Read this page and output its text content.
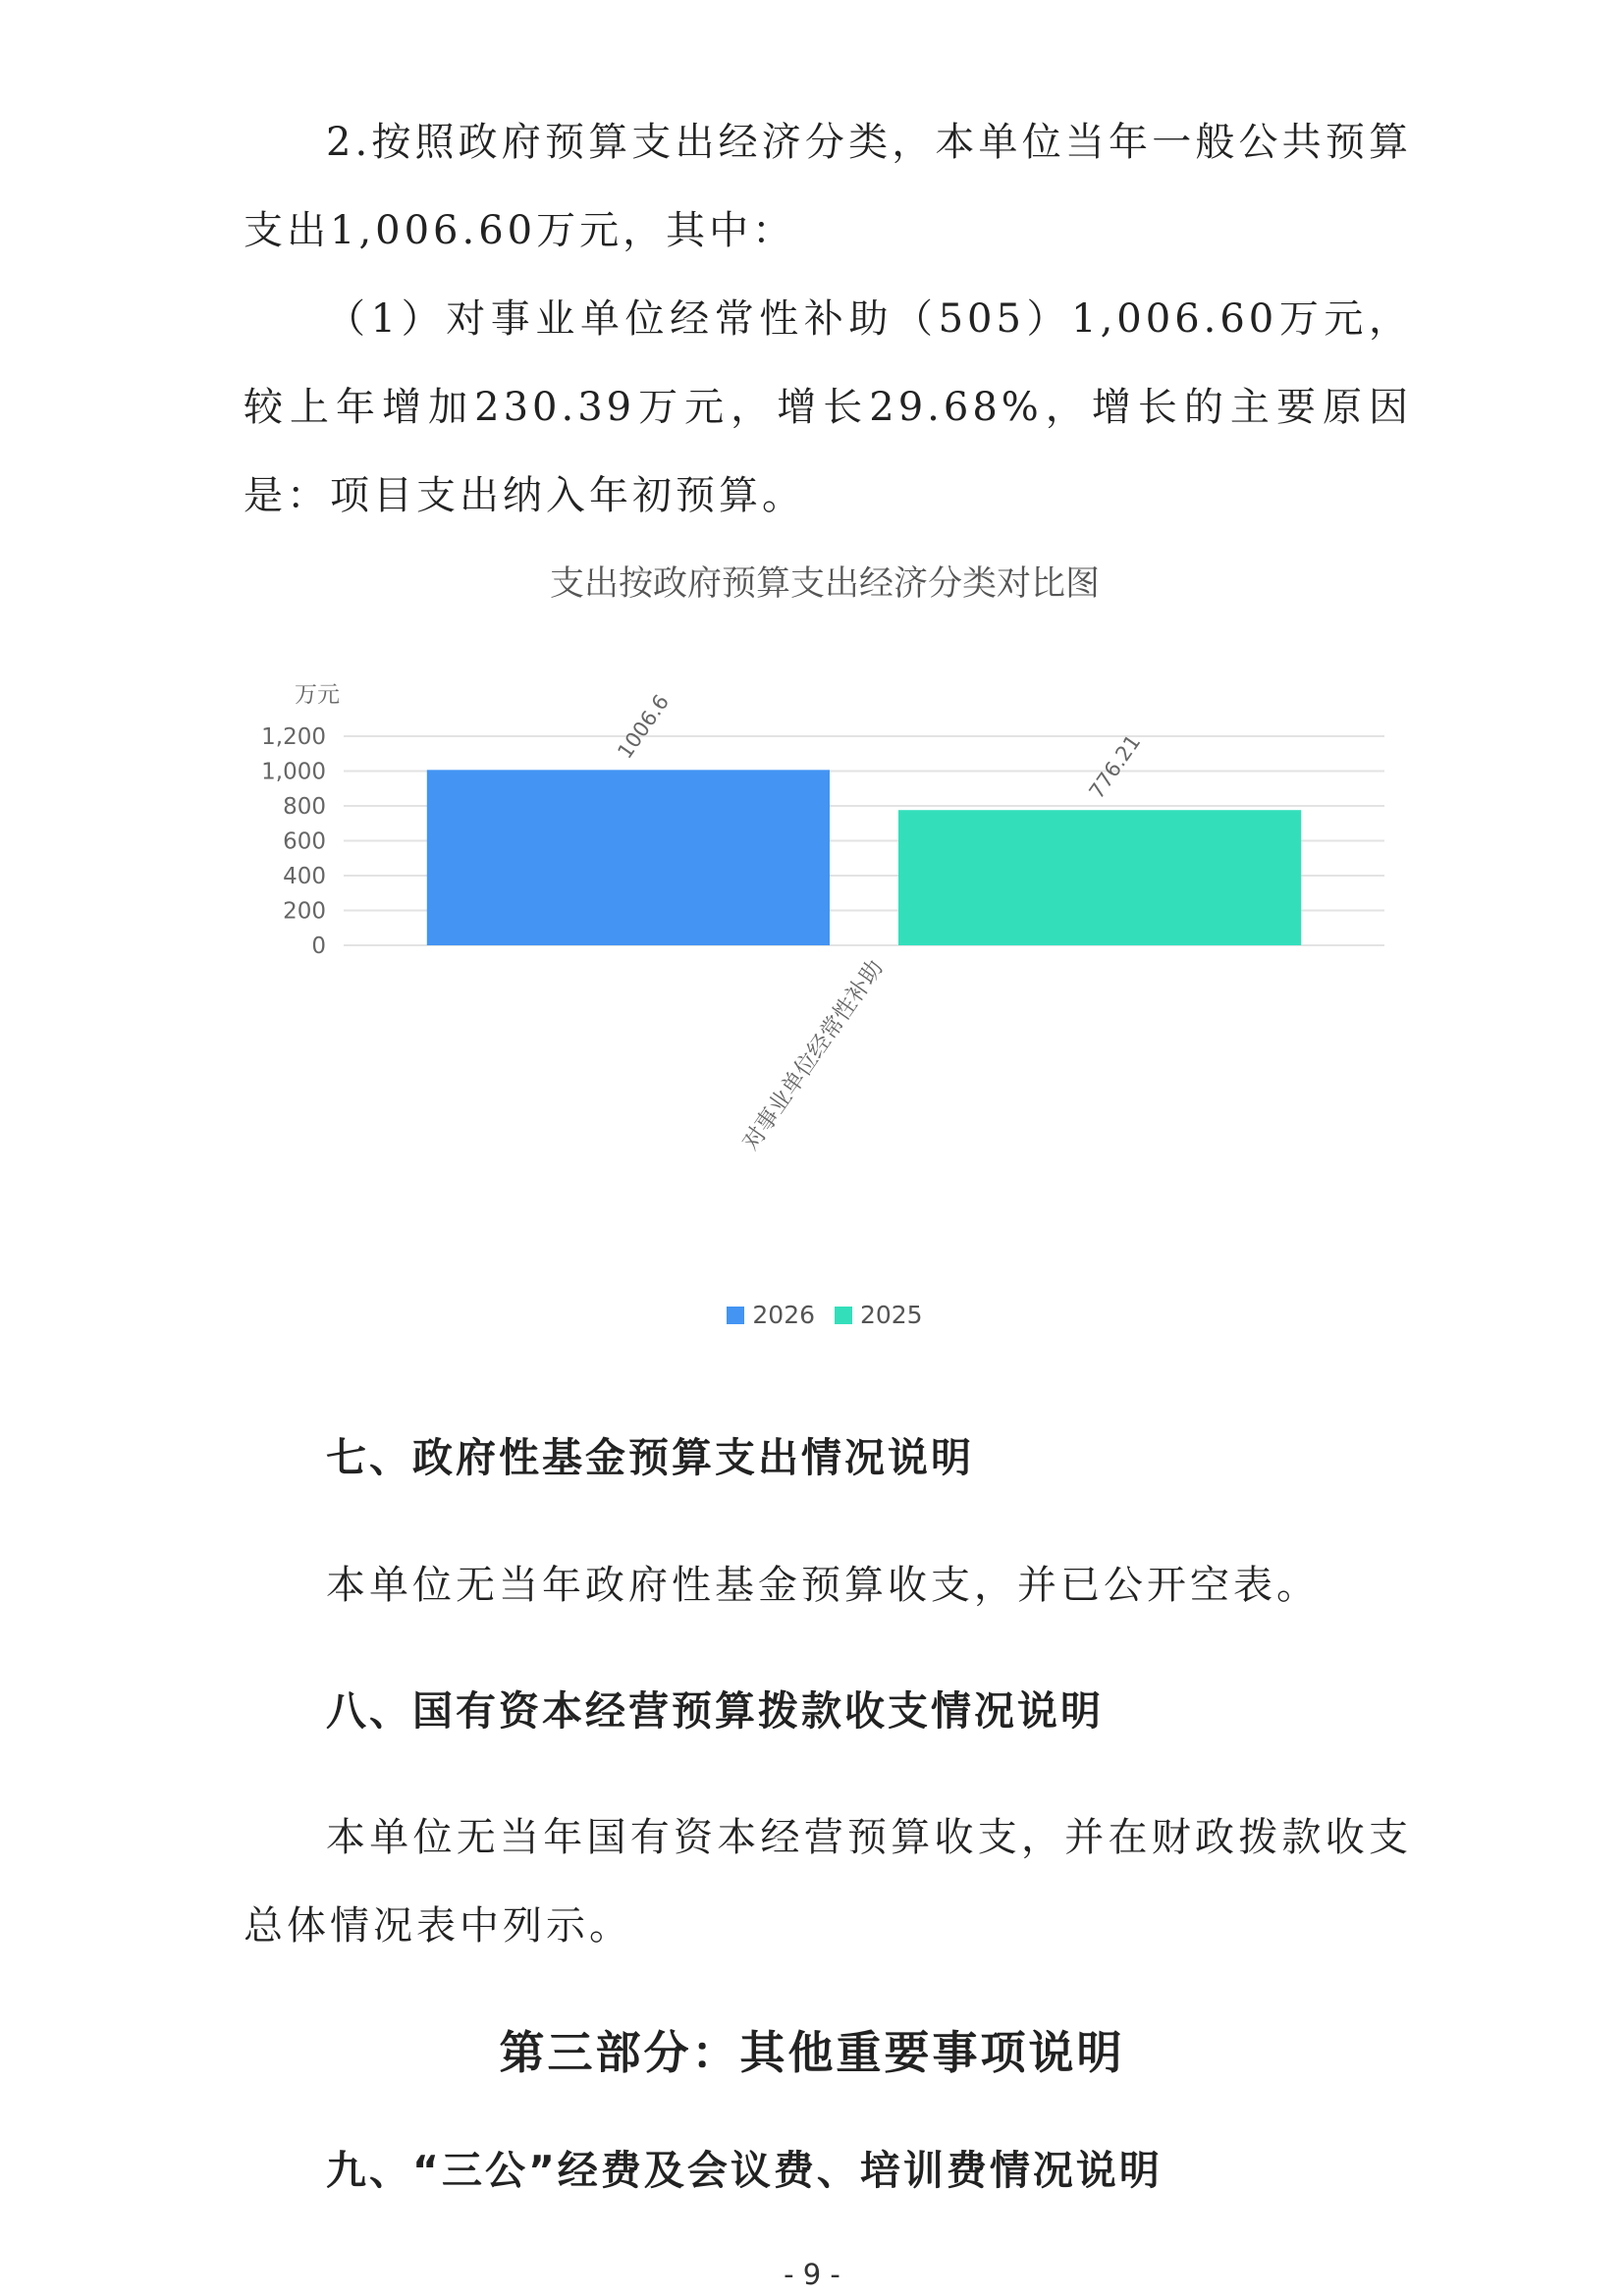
2.按照政府预算支出经济分类，本单位当年一般公共预算支出1,006.60万元，其中：

（1）对事业单位经常性补助（505）1,006.60万元，较上年增加230.39万元，增长29.68%，增长的主要原因是：项目支出纳入年初预算。

支出按政府预算支出经济分类对比图

万元
0
200
400
600
800
1,000
1,200	1006.6
776.21
对事业单位经常性补助
2026
2025
七、政府性基金预算支出情况说明

本单位无当年政府性基金预算收支，并已公开空表。

八、国有资本经营预算拨款收支情况说明

本单位无当年国有资本经营预算收支，并在财政拨款收支总体情况表中列示。

第三部分：其他重要事项说明
九、“三公”经费及会议费、培训费情况说明
- 9 -
